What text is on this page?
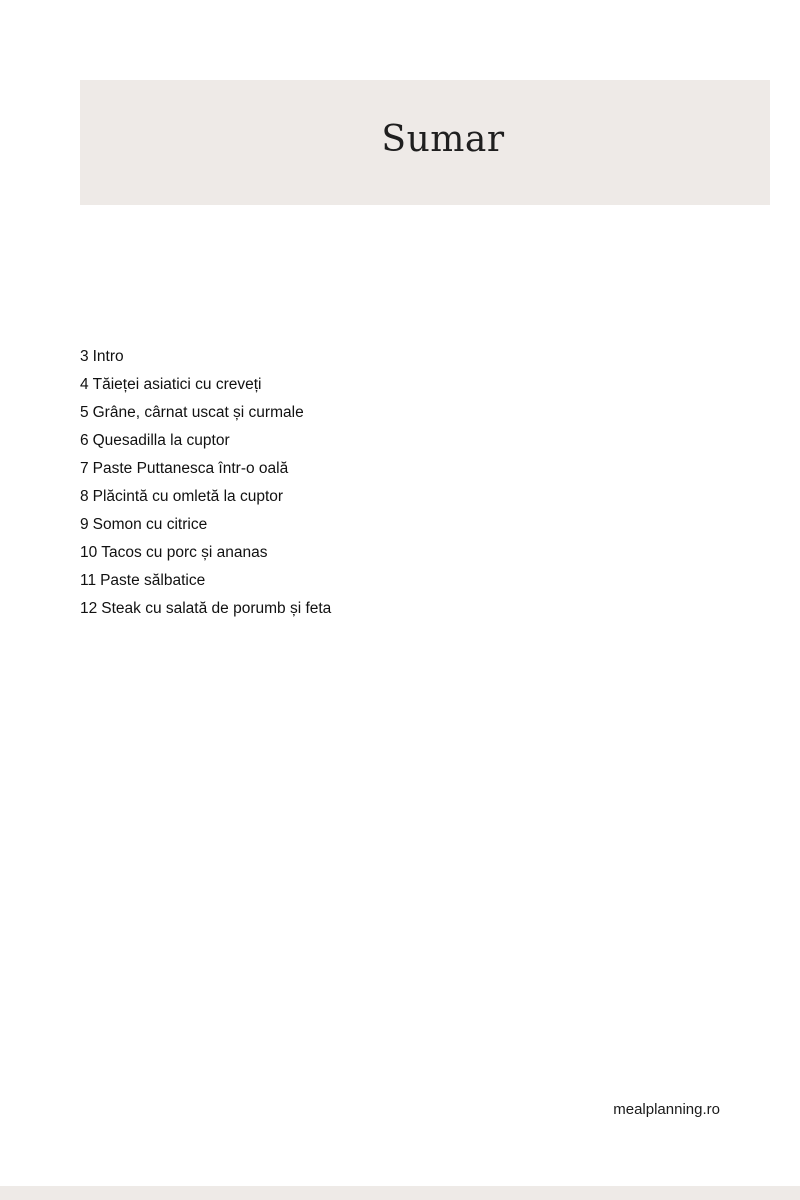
Sumar
3 Intro
4 Tăieței asiatici cu creveți
5 Grâne, cârnat uscat și curmale
6 Quesadilla la cuptor
7 Paste Puttanesca într-o oală
8 Plăcintă cu omletă la cuptor
9 Somon cu citrice
10 Tacos cu porc și ananas
11 Paste sălbatice
12 Steak cu salată de porumb și feta
mealplanning.ro
